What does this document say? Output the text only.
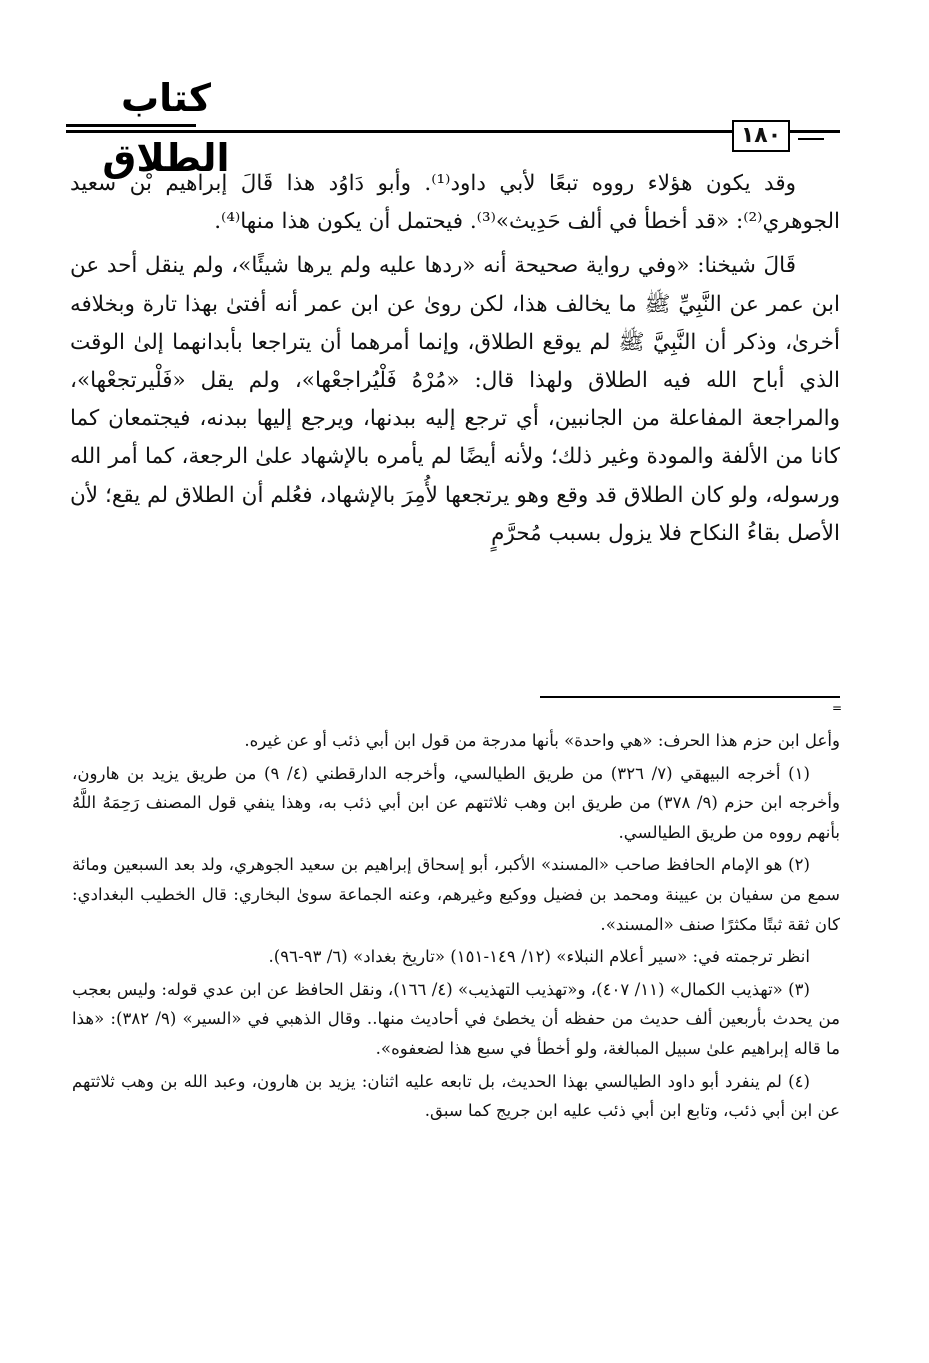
كتاب الطلاق
١٨٠

وقد يكون هؤلاء رووه تبعًا لأبي داود⁽¹⁾. وأبو دَاوُد هذا قَالَ إبراهيم بْن سعيد الجوهري⁽²⁾: «قد أخطأ في ألف حَدِيث»⁽³⁾. فيحتمل أن يكون هذا منها⁽⁴⁾.

قَالَ شيخنا: «وفي رواية صحيحة أنه «ردها عليه ولم يرها شيئًا»، ولم ينقل أحد عن ابن عمر عن النَّبِيِّ ﷺ ما يخالف هذا، لكن روىٰ عن ابن عمر أنه أفتىٰ بهذا تارة وبخلافه أخرىٰ، وذكر أن النَّبِيَّ ﷺ لم يوقع الطلاق، وإنما أمرهما أن يتراجعا بأبدانهما إلىٰ الوقت الذي أباح الله فيه الطلاق ولهذا قال: «مُرْهُ فَلْيُراجعْها»، ولم يقل «فَلْيرتجعْها»، والمراجعة المفاعلة من الجانبين، أي ترجع إليه ببدنها، ويرجع إليها ببدنه، فيجتمعان كما كانا من الألفة والمودة وغير ذلك؛ ولأنه أيضًا لم يأمره بالإشهاد علىٰ الرجعة، كما أمر الله ورسوله، ولو كان الطلاق قد وقع وهو يرتجعها لأُمِرَ بالإشهاد، فعُلم أن الطلاق لم يقع؛ لأن الأصل بقاءُ النكاح فلا يزول بسبب مُحرَّمٍ

=

وأعل ابن حزم هذا الحرف: «هي واحدة» بأنها مدرجة من قول ابن أبي ذئب أو عن غيره.

(١) أخرجه البيهقي (٧/ ٣٢٦) من طريق الطيالسي، وأخرجه الدارقطني (٤/ ٩) من طريق يزيد بن هارون، وأخرجه ابن حزم (٩/ ٣٧٨) من طريق ابن وهب ثلاثتهم عن ابن أبي ذئب به، وهذا ينفي قول المصنف رَحِمَهُ اللَّهُ بأنهم رووه من طريق الطيالسي.

(٢) هو الإمام الحافظ صاحب «المسند» الأكبر، أبو إسحاق إبراهيم بن سعيد الجوهري، ولد بعد السبعين ومائة سمع من سفيان بن عيينة ومحمد بن فضيل ووكيع وغيرهم، وعنه الجماعة سوىٰ البخاري: قال الخطيب البغدادي: كان ثقة ثبتًا مكثرًا صنف «المسند».

انظر ترجمته في: «سير أعلام النبلاء» (١٢/ ١٤٩-١٥١) «تاريخ بغداد» (٦/ ٩٣-٩٦).

(٣) «تهذيب الكمال» (١١/ ٤٠٧)، و«تهذيب التهذيب» (٤/ ١٦٦)، ونقل الحافظ عن ابن عدي قوله: وليس بعجب من يحدث بأربعين ألف حديث من حفظه أن يخطئ في أحاديث منها.. وقال الذهبي في «السير» (٩/ ٣٨٢): «هذا ما قاله إبراهيم علىٰ سبيل المبالغة، ولو أخطأ في سبع هذا لضعفوه».

(٤) لم ينفرد أبو داود الطيالسي بهذا الحديث، بل تابعه عليه اثنان: يزيد بن هارون، وعبد الله بن وهب ثلاثتهم عن ابن أبي ذئب، وتابع ابن أبي ذئب عليه ابن جريج كما سبق.
